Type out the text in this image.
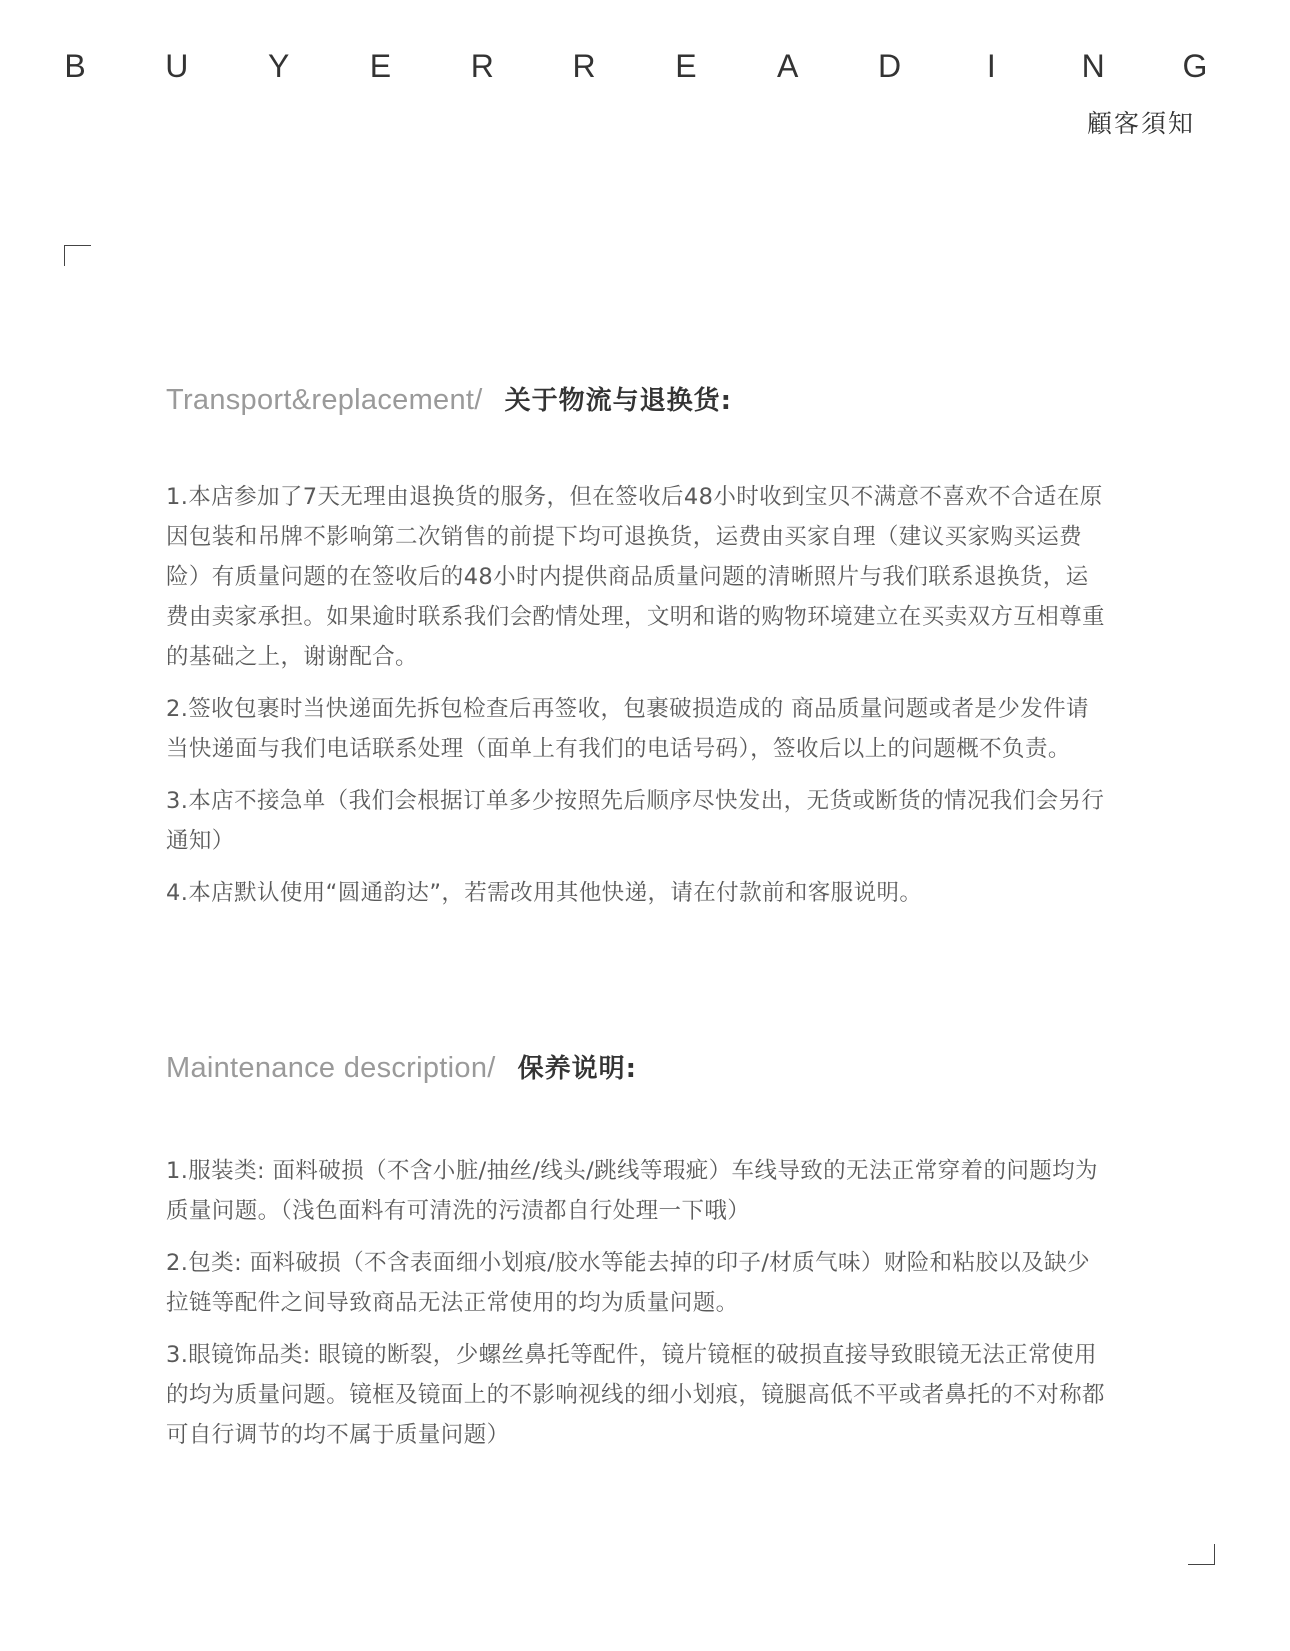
B U Y	E R R E	A D	I	N G
顧客須知
Transport&replacement/ 关于物流与退换货:

1.本店参加了7天无理由退换货的服务，但在签收后48小时收到宝贝不满意不喜欢不合适在原因包装和吊牌不影响第二次销售的前提下均可退换货，运费由买家自理（建议买家购买运费险）有质量问题的在签收后的48小时内提供商品质量问题的清晰照片与我们联系退换货，运费由卖家承担。如果逾时联系我们会酌情处理，文明和谐的购物环境建立在买卖双方互相尊重的基础之上，谢谢配合。

2.签收包裹时当快递面先拆包检查后再签收，包裹破损造成的 商品质量问题或者是少发件请当快递面与我们电话联系处理（面单上有我们的电话号码），签收后以上的问题概不负责。

3.本店不接急单（我们会根据订单多少按照先后顺序尽快发出，无货或断货的情况我们会另行通知）

4.本店默认使用“圆通韵达”，若需改用其他快递，请在付款前和客服说明。

Maintenance description/ 保养说明:

1.服装类: 面料破损（不含小脏/抽丝/线头/跳线等瑕疵）车线导致的无法正常穿着的问题均为质量问题。（浅色面料有可清洗的污渍都自行处理一下哦）

2.包类: 面料破损（不含表面细小划痕/胶水等能去掉的印子/材质气味）财险和粘胶以及缺少拉链等配件之间导致商品无法正常使用的均为质量问题。

3.眼镜饰品类: 眼镜的断裂，少螺丝鼻托等配件，镜片镜框的破损直接导致眼镜无法正常使用的均为质量问题。镜框及镜面上的不影响视线的细小划痕，镜腿高低不平或者鼻托的不对称都可自行调节的均不属于质量问题）
